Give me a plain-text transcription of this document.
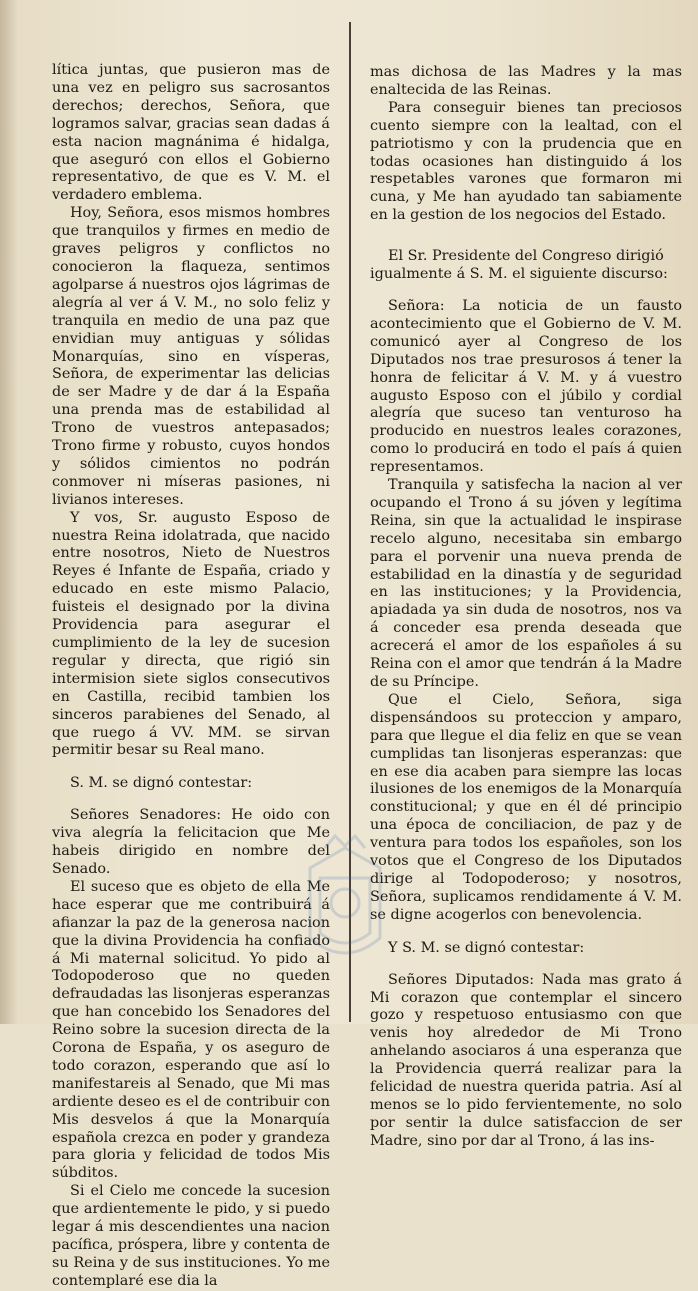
lítica juntas, que pusieron mas de una vez en peligro sus sacrosantos derechos; derechos, Señora, que logramos salvar, gracias sean dadas á esta nacion magnánima é hidalga, que aseguró con ellos el Gobierno representativo, de que es V. M. el verdadero emblema.

Hoy, Señora, esos mismos hombres que tranquilos y firmes en medio de graves peligros y conflictos no conocieron la flaqueza, sentimos agolparse á nuestros ojos lágrimas de alegría al ver á V. M., no solo feliz y tranquila en medio de una paz que envidian muy antiguas y sólidas Monarquías, sino en vísperas, Señora, de experimentar las delicias de ser Madre y de dar á la España una prenda mas de estabilidad al Trono de vuestros antepasados; Trono firme y robusto, cuyos hondos y sólidos cimientos no podrán conmover ni míseras pasiones, ni livianos intereses.

Y vos, Sr. augusto Esposo de nuestra Reina idolatrada, que nacido entre nosotros, Nieto de Nuestros Reyes é Infante de España, criado y educado en este mismo Palacio, fuisteis el designado por la divina Providencia para asegurar el cumplimiento de la ley de sucesion regular y directa, que rigió sin intermision siete siglos consecutivos en Castilla, recibid tambien los sinceros parabienes del Senado, al que ruego á VV. MM. se sirvan permitir besar su Real mano.

S. M. se dignó contestar:

Señores Senadores: He oido con viva alegría la felicitacion que Me habeis dirigido en nombre del Senado.

El suceso que es objeto de ella Me hace esperar que me contribuirá á afianzar la paz de la generosa nacion que la divina Providencia ha confiado á Mi maternal solicitud. Yo pido al Todopoderoso que no queden defraudadas las lisonjeras esperanzas que han concebido los Senadores del Reino sobre la sucesion directa de la Corona de España, y os aseguro de todo corazon, esperando que así lo manifestareis al Senado, que Mi mas ardiente deseo es el de contribuir con Mis desvelos á que la Monarquía española crezca en poder y grandeza para gloria y felicidad de todos Mis súbditos.

Si el Cielo me concede la sucesion que ardientemente le pido, y si puedo legar á mis descendientes una nacion pacífica, próspera, libre y contenta de su Reina y de sus instituciones. Yo me contemplaré ese dia la

mas dichosa de las Madres y la mas enaltecida de las Reinas.

Para conseguir bienes tan preciosos cuento siempre con la lealtad, con el patriotismo y con la prudencia que en todas ocasiones han distinguido á los respetables varones que formaron mi cuna, y Me han ayudado tan sabiamente en la gestion de los negocios del Estado.

El Sr. Presidente del Congreso dirigió igualmente á S. M. el siguiente discurso:

Señora: La noticia de un fausto acontecimiento que el Gobierno de V. M. comunicó ayer al Congreso de los Diputados nos trae presurosos á tener la honra de felicitar á V. M. y á vuestro augusto Esposo con el júbilo y cordial alegría que suceso tan venturoso ha producido en nuestros leales corazones, como lo producirá en todo el país á quien representamos.

Tranquila y satisfecha la nacion al ver ocupando el Trono á su jóven y legítima Reina, sin que la actualidad le inspirase recelo alguno, necesitaba sin embargo para el porvenir una nueva prenda de estabilidad en la dinastía y de seguridad en las instituciones; y la Providencia, apiadada ya sin duda de nosotros, nos va á conceder esa prenda deseada que acrecerá el amor de los españoles á su Reina con el amor que tendrán á la Madre de su Príncipe.

Que el Cielo, Señora, siga dispensándoos su proteccion y amparo, para que llegue el dia feliz en que se vean cumplidas tan lisonjeras esperanzas: que en ese dia acaben para siempre las locas ilusiones de los enemigos de la Monarquía constitucional; y que en él dé principio una época de conciliacion, de paz y de ventura para todos los españoles, son los votos que el Congreso de los Diputados dirige al Todopoderoso; y nosotros, Señora, suplicamos rendidamente á V. M. se digne acogerlos con benevolencia.

Y S. M. se dignó contestar:

Señores Diputados: Nada mas grato á Mi corazon que contemplar el sincero gozo y respetuoso entusiasmo con que venis hoy alrededor de Mi Trono anhelando asociaros á una esperanza que la Providencia querrá realizar para la felicidad de nuestra querida patria. Así al menos se lo pido fervientemente, no solo por sentir la dulce satisfaccion de ser Madre, sino por dar al Trono, á las ins-
